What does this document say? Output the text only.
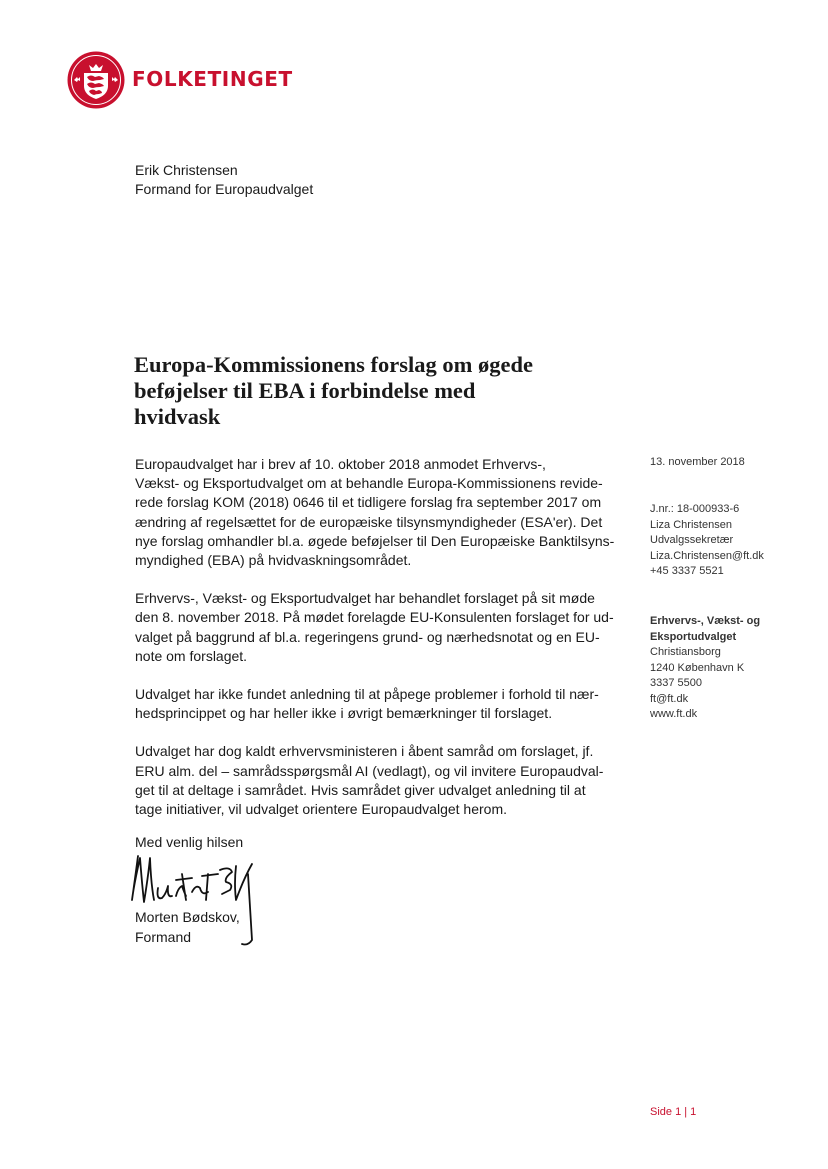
FOLKETINGET
Erik Christensen
Formand for Europaudvalget
Europa-Kommissionens forslag om øgede
beføjelser til EBA i forbindelse med
hvidvask
Europaudvalget har i brev af 10. oktober 2018 anmodet Erhvervs-,
Vækst- og Eksportudvalget om at behandle Europa-Kommissionens revide-
rede forslag KOM (2018) 0646 til et tidligere forslag fra september 2017 om
ændring af regelsættet for de europæiske tilsynsmyndigheder (ESA'er). Det
nye forslag omhandler bl.a. øgede beføjelser til Den Europæiske Banktilsyns-
myndighed (EBA) på hvidvaskningsområdet.
Erhvervs-, Vækst- og Eksportudvalget har behandlet forslaget på sit møde
den 8. november 2018. På mødet forelagde EU-Konsulenten forslaget for ud-
valget på baggrund af bl.a. regeringens grund- og nærhedsnotat og en EU-
note om forslaget.
Udvalget har ikke fundet anledning til at påpege problemer i forhold til nær-
hedsprincippet og har heller ikke i øvrigt bemærkninger til forslaget.
Udvalget har dog kaldt erhvervsministeren i åbent samråd om forslaget, jf.
ERU alm. del – samrådsspørgsmål AI (vedlagt), og vil invitere Europaudval-
get til at deltage i samrådet. Hvis samrådet giver udvalget anledning til at
tage initiativer, vil udvalget orientere Europaudvalget herom.
Med venlig hilsen
Morten Bødskov,
Formand
13. november 2018
J.nr.: 18-000933-6
Liza Christensen
Udvalgssekretær
Liza.Christensen@ft.dk
+45 3337 5521
Erhvervs-, Vækst- og
Eksportudvalget
Christiansborg
1240 København K
3337 5500
ft@ft.dk
www.ft.dk
Side 1 | 1
